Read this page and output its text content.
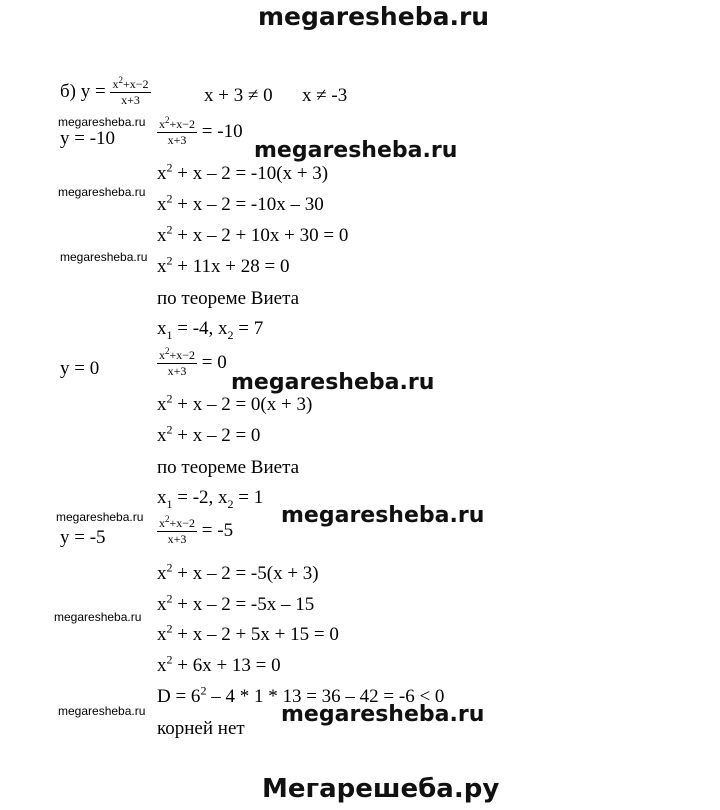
megaresheba.ru
б) $y = \frac{x^2+x-2}{x+3}$	x + 3 ≠ 0 x ≠ -3
megaresheba.ru
y = -10	$\frac{x^2+x-2}{x+3} = -10$
megaresheba.ru
$x^2 + x - 2 = -10(x + 3)$
megaresheba.ru
$x^2 + x - 2 = -10x - 30$
$x^2 + x - 2 + 10x + 30 = 0$
megaresheba.ru $x^2 + 11x + 28 = 0$
по теореме Виета
$x_1 = -4$, $x_2 = 7$
y = 0	$\frac{x^2+x-2}{x+3} = 0$
megaresheba.ru
$x^2 + x - 2 = 0(x + 3)$
$x^2 + x - 2 = 0$
по теореме Виета
$x_1 = -2$, $x_2 = 1$
megaresheba.ru	megaresheba.ru
y = -5	$\frac{x^2+x-2}{x+3} = -5$
$x^2 + x - 2 = -5(x + 3)$
$x^2 + x - 2 = -5x - 15$
megaresheba.ru
$x^2 + x - 2 + 5x + 15 = 0$
$x^2 + 6x + 13 = 0$
$D = 6^2 - 4 * 1 * 13 = 36 - 42 = -6 < 0$
megaresheba.ru	megaresheba.ru
корней нет
Мегарешеба.ру
